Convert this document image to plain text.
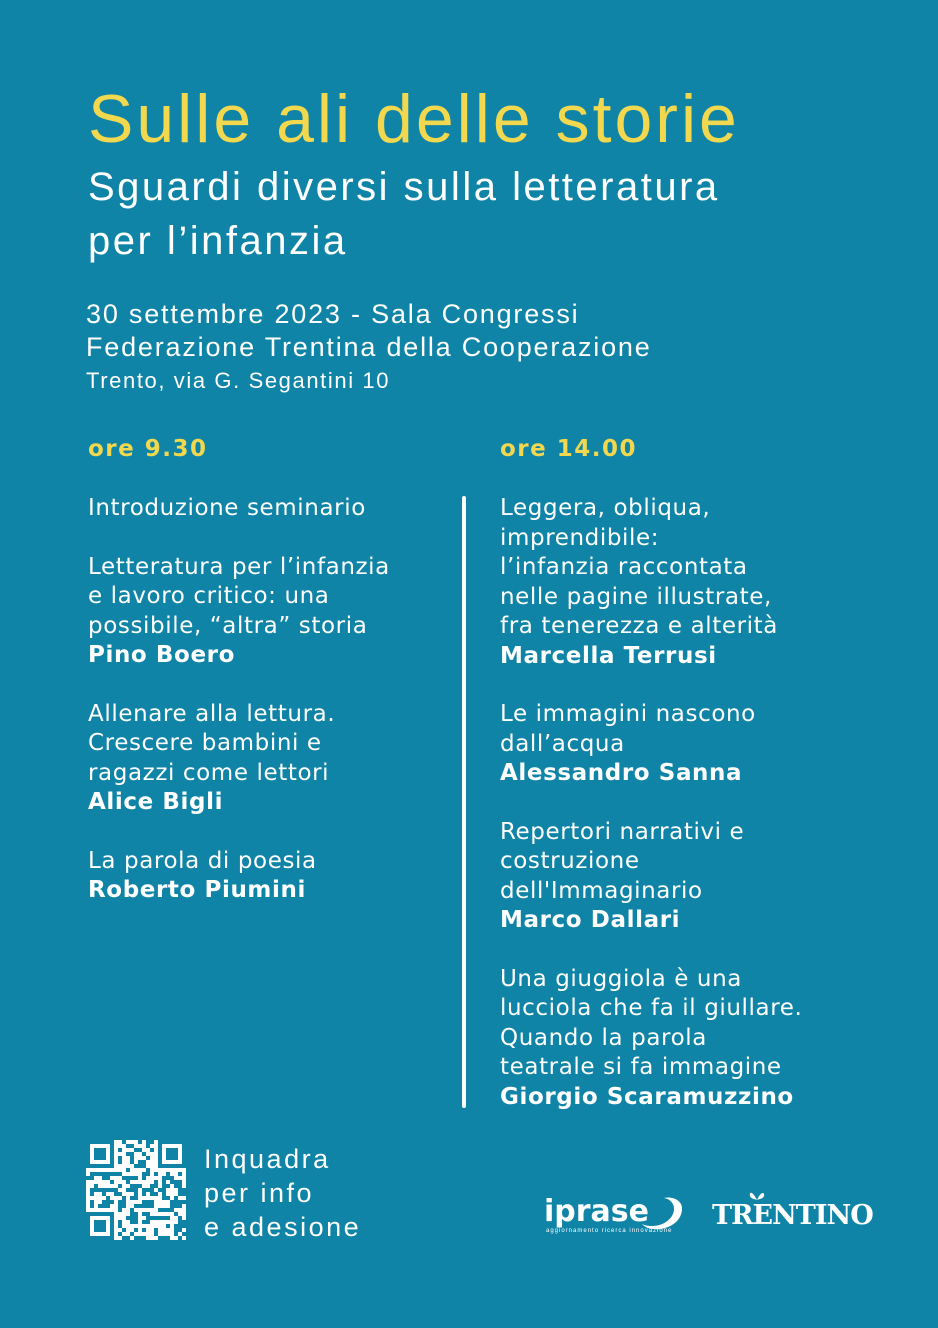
Sulle ali delle storie
Sguardi diversi sulla letteratura
per l’infanzia
30 settembre 2023 - Sala Congressi
Federazione Trentina della Cooperazione
Trento, via G. Segantini 10
ore 9.30
Introduzione seminario
Letteratura per l’infanzia
e lavoro critico: una
possibile, “altra” storia
Pino Boero
Allenare alla lettura.
Crescere bambini e
ragazzi come lettori
Alice Bigli
La parola di poesia
Roberto Piumini
ore 14.00
Leggera, obliqua,
imprendibile:
l’infanzia raccontata
nelle pagine illustrate,
fra tenerezza e alterità
Marcella Terrusi
Le immagini nascono
dall’acqua
Alessandro Sanna
Repertori narrativi e
costruzione
dell'Immaginario
Marco Dallari
Una giuggiola è una
lucciola che fa il giullare.
Quando la parola
teatrale si fa immagine
Giorgio Scaramuzzino
Inquadra
per info
e adesione	iprase
aggiornamento ricerca innovazione TRENTINO
